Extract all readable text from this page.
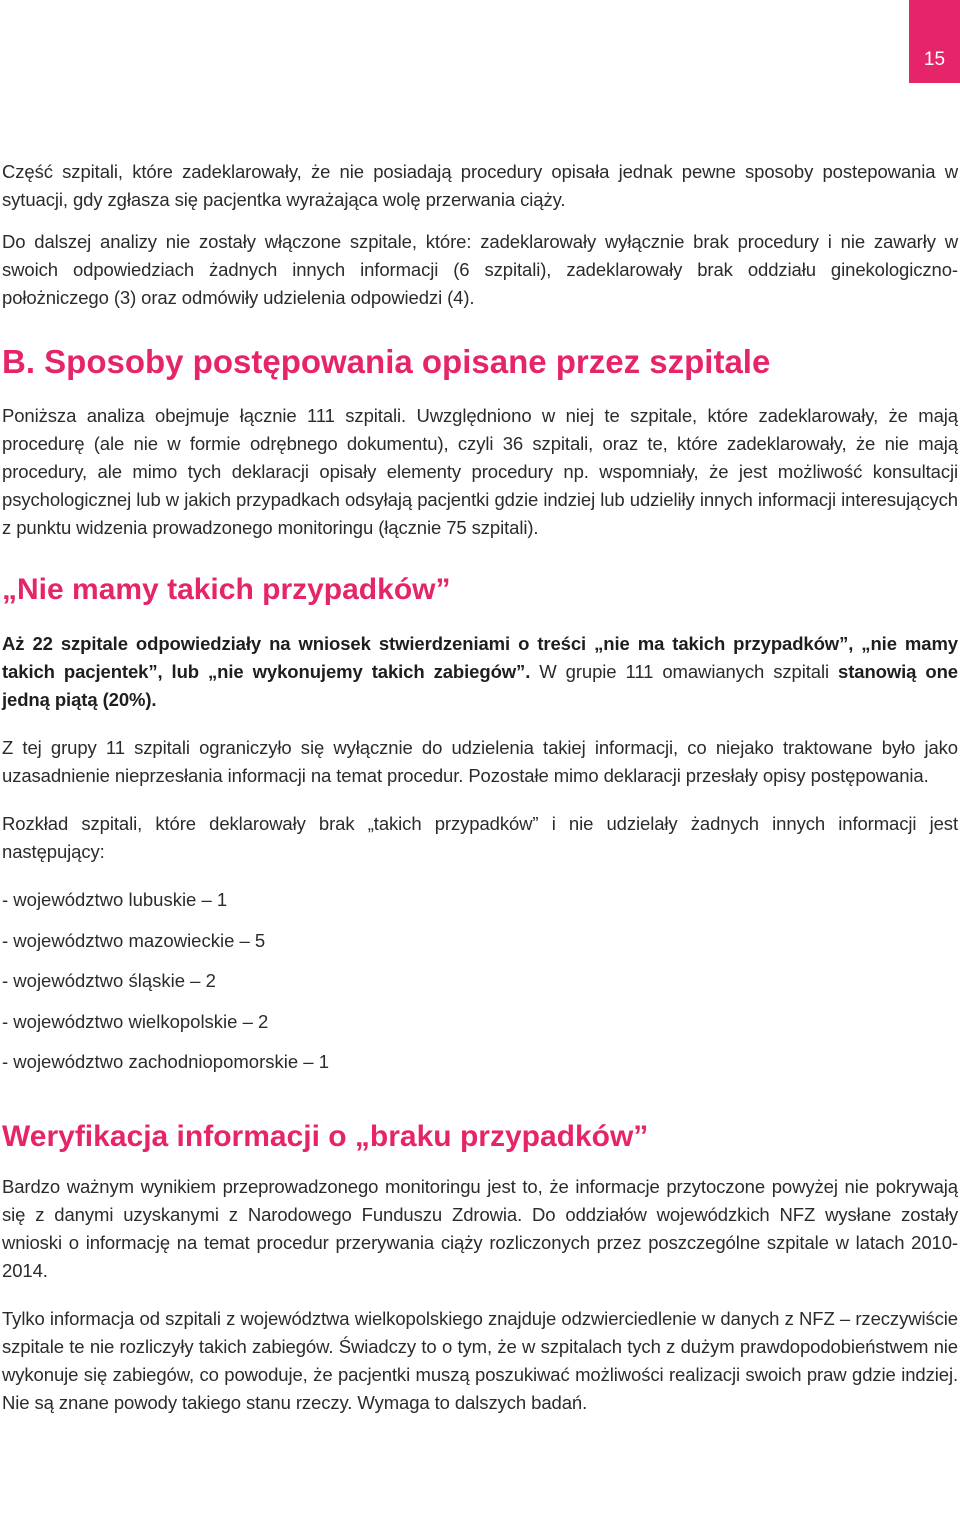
15

Część szpitali, które zadeklarowały, że nie posiadają procedury opisała jednak pewne sposoby postepowania w sytuacji, gdy zgłasza się pacjentka wyrażająca wolę przerwania ciąży.

Do dalszej analizy nie zostały włączone szpitale, które: zadeklarowały wyłącznie brak procedury i nie zawarły w swoich odpowiedziach żadnych innych informacji (6 szpitali), zadeklarowały brak oddziału ginekologiczno-położniczego (3) oraz odmówiły udzielenia odpowiedzi (4).

B. Sposoby postępowania opisane przez szpitale

Poniższa analiza obejmuje łącznie 111 szpitali. Uwzględniono w niej te szpitale, które zadeklarowały, że mają procedurę (ale nie w formie odrębnego dokumentu), czyli 36 szpitali, oraz te, które zadeklarowały, że nie mają procedury, ale mimo tych deklaracji opisały elementy procedury np. wspomniały, że jest możliwość konsultacji psychologicznej lub w jakich przypadkach odsyłają pacjentki gdzie indziej lub udzieliły innych informacji interesujących z punktu widzenia prowadzonego monitoringu (łącznie 75 szpitali).

„Nie mamy takich przypadków”

Aż 22 szpitale odpowiedziały na wniosek stwierdzeniami o treści „nie ma takich przypadków”, „nie mamy takich pacjentek”, lub „nie wykonujemy takich zabiegów”. W grupie 111 omawianych szpitali stanowią one jedną piątą (20%).

Z tej grupy 11 szpitali ograniczyło się wyłącznie do udzielenia takiej informacji, co niejako traktowane było jako uzasadnienie nieprzesłania informacji na temat procedur. Pozostałe mimo deklaracji przesłały opisy postępowania.

Rozkład szpitali, które deklarowały brak „takich przypadków” i nie udzielały żadnych innych informacji jest następujący:

- województwo lubuskie – 1
- województwo mazowieckie – 5
- województwo śląskie – 2
- województwo wielkopolskie – 2
- województwo zachodniopomorskie – 1
Weryfikacja informacji o „braku przypadków”

Bardzo ważnym wynikiem przeprowadzonego monitoringu jest to, że informacje przytoczone powyżej nie pokrywają się z danymi uzyskanymi z Narodowego Funduszu Zdrowia. Do oddziałów wojewódzkich NFZ wysłane zostały wnioski o informację na temat procedur przerywania ciąży rozliczonych przez poszczególne szpitale w latach 2010-2014.

Tylko informacja od szpitali z województwa wielkopolskiego znajduje odzwierciedlenie w danych z NFZ – rzeczywiście szpitale te nie rozliczyły takich zabiegów. Świadczy to o tym, że w szpitalach tych z dużym prawdopodobieństwem nie wykonuje się zabiegów, co powoduje, że pacjentki muszą poszukiwać możliwości realizacji swoich praw gdzie indziej. Nie są znane powody takiego stanu rzeczy. Wymaga to dalszych badań.
